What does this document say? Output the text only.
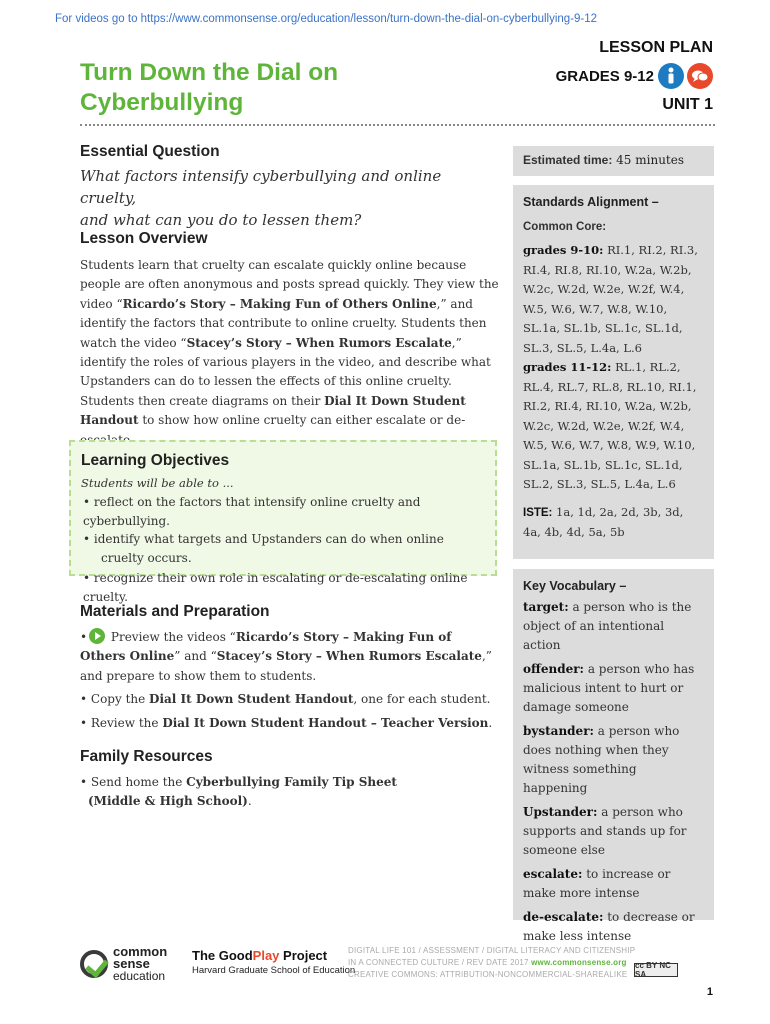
For videos go to https://www.commonsense.org/education/lesson/turn-down-the-dial-on-cyberbullying-9-12
Turn Down the Dial on
Cyberbullying
LESSON PLAN
GRADES 9-12
UNIT 1
Essential Question
What factors intensify cyberbullying and online cruelty,
and what can you do to lessen them?
Lesson Overview
Students learn that cruelty can escalate quickly online because people are often anonymous and posts spread quickly. They view the video “Ricardo’s Story – Making Fun of Others Online,” and identify the factors that contribute to online cruelty. Students then watch the video “Stacey’s Story – When Rumors Escalate,” identify the roles of various players in the video, and describe what Upstanders can do to lessen the effects of this online cruelty. Students then create diagrams on their Dial It Down Student Handout to show how online cruelty can either escalate or de-
Learning Objectives
Students will be able to ...
• reflect on the factors that intensify online cruelty and cyberbullying.
• identify what targets and Upstanders can do when online
cruelty occurs.
• recognize their own role in escalating or de-escalating online cruelty.
Materials and Preparation
• Preview the videos “Ricardo’s Story – Making Fun of Others Online” and “Stacey’s Story – When Rumors Escalate,” and prepare to show them to students.
• Copy the Dial It Down Student Handout, one for each student.
• Review the Dial It Down Student Handout – Teacher Version.
Family Resources
• Send home the Cyberbullying Family Tip Sheet
(Middle & High School).
Estimated time: 45 minutes
Standards Alignment –
Common Core:
grades 9-10: RI.1, RI.2, RI.3, RI.4, RI.8, RI.10, W.2a, W.2b, W.2c, W.2d, W.2e, W.2f, W.4, W.5, W.6, W.7, W.8, W.10, SL.1a, SL.1b, SL.1c, SL.1d, SL.3, SL.5, L.4a, L.6
grades 11-12: RL.1, RL.2, RL.4, RL.7, RL.8, RL.10, RI.1, RI.2, RI.4, RI.10, W.2a, W.2b, W.2c, W.2d, W.2e, W.2f, W.4, W.5, W.6, W.7, W.8, W.9, W.10, SL.1a, SL.1b, SL.1c, SL.1d, SL.2, SL.3, SL.5, L.4a, L.6
ISTE: 1a, 1d, 2a, 2d, 3b, 3d, 4a, 4b, 4d, 5a, 5b
Key Vocabulary –
target: a person who is the object of an intentional action
offender: a person who has malicious intent to hurt or damage someone
bystander: a person who does nothing when they witness something happening
Upstander: a person who supports and stands up for someone else
escalate: to increase or make more intense
de-escalate: to decrease or make less intense
common
sense
education
The GoodPlay Project
Harvard Graduate School of Education
DIGITAL LIFE 101 / ASSESSMENT / DIGITAL LITERACY AND CITIZENSHIP
IN A CONNECTED CULTURE / REV DATE 2017 www.commonsense.org
CREATIVE COMMONS: ATTRIBUTION-NONCOMMERCIAL-SHAREALIKE
cc BY NC SA
1
